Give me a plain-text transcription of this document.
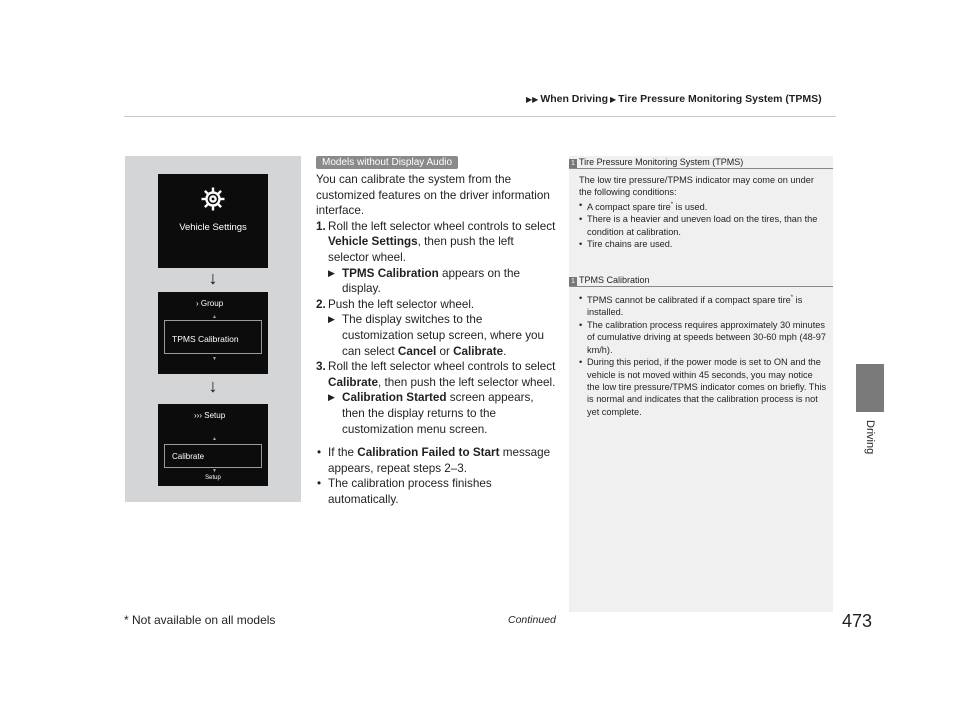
▶▶ When Driving ▶ Tire Pressure Monitoring System (TPMS)
Driving
Vehicle Settings
↓
› Group
▲
TPMS Calibration
▼
↓
››› Setup
▲
Calibrate
▼
Setup
Models without Display Audio

You can calibrate the system from the customized features on the driver information interface.

1. Roll the left selector wheel controls to select Vehicle Settings, then push the left selector wheel.
▶ TPMS Calibration appears on the display.
2. Push the left selector wheel.
▶ The display switches to the customization setup screen, where you can select Cancel or Calibrate.
3. Roll the left selector wheel controls to select Calibrate, then push the left selector wheel.
▶ Calibration Started screen appears, then the display returns to the customization menu screen.
• If the Calibration Failed to Start message appears, repeat steps 2–3.
• The calibration process finishes automatically.
1 Tire Pressure Monitoring System (TPMS)
The low tire pressure/TPMS indicator may come on under the following conditions:
• A compact spare tire* is used.
• There is a heavier and uneven load on the tires, than the condition at calibration.
• Tire chains are used.
1 TPMS Calibration
• TPMS cannot be calibrated if a compact spare tire* is installed.
• The calibration process requires approximately 30 minutes of cumulative driving at speeds between 30-60 mph (48-97 km/h).
• During this period, if the power mode is set to ON and the vehicle is not moved within 45 seconds, you may notice the low tire pressure/TPMS indicator comes on briefly. This is normal and indicates that the calibration process is not yet complete.
* Not available on all models	Continued	473
